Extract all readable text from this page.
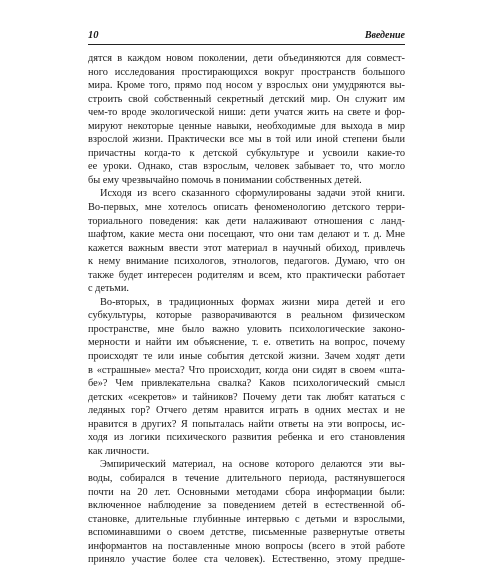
10	Введение
дятся в каждом новом поколении, дети объединяются для совмест-
ного исследования простирающихся вокруг пространств большого
мира. Кроме того, прямо под носом у взрослых они умудряются вы-
строить свой собственный секретный детский мир. Он служит им
чем-то вроде экологической ниши: дети учатся жить на свете и фор-
мируют некоторые ценные навыки, необходимые для выхода в мир
взрослой жизни. Практически все мы в той или иной степени были
причастны когда-то к детской субкультуре и усвоили какие-то
ее уроки. Однако, став взрослым, человек забывает то, что могло
бы ему чрезвычайно помочь в понимании собственных детей.
Исходя из всего сказанного сформулированы задачи этой книги.
Во-первых, мне хотелось описать феноменологию детского терри-
ториального поведения: как дети налаживают отношения с ланд-
шафтом, какие места они посещают, что они там делают и т. д. Мне
кажется важным ввести этот материал в научный обиход, привлечь
к нему внимание психологов, этнологов, педагогов. Думаю, что он
также будет интересен родителям и всем, кто практически работает
с детьми.
Во-вторых, в традиционных формах жизни мира детей и его
субкультуры, которые разворачиваются в реальном физическом
пространстве, мне было важно уловить психологические законо-
мерности и найти им объяснение, т. е. ответить на вопрос, почему
происходят те или иные события детской жизни. Зачем ходят дети
в «страшные» места? Что происходит, когда они сидят в своем «шта-
бе»? Чем привлекательна свалка? Каков психологический смысл
детских «секретов» и тайников? Почему дети так любят кататься с
ледяных гор? Отчего детям нравится играть в одних местах и не
нравится в других? Я попыталась найти ответы на эти вопросы, ис-
ходя из логики психического развития ребенка и его становления
как личности.
Эмпирический материал, на основе которого делаются эти вы-
воды, собирался в течение длительного периода, растянувшегося
почти на 20 лет. Основными методами сбора информации были:
включенное наблюдение за поведением детей в естественной об-
становке, длительные глубинные интервью с детьми и взрослыми,
вспоминавшими о своем детстве, письменные развернутые ответы
информантов на поставленные мною вопросы (всего в этой работе
приняло участие более ста человек). Естественно, этому предше-
